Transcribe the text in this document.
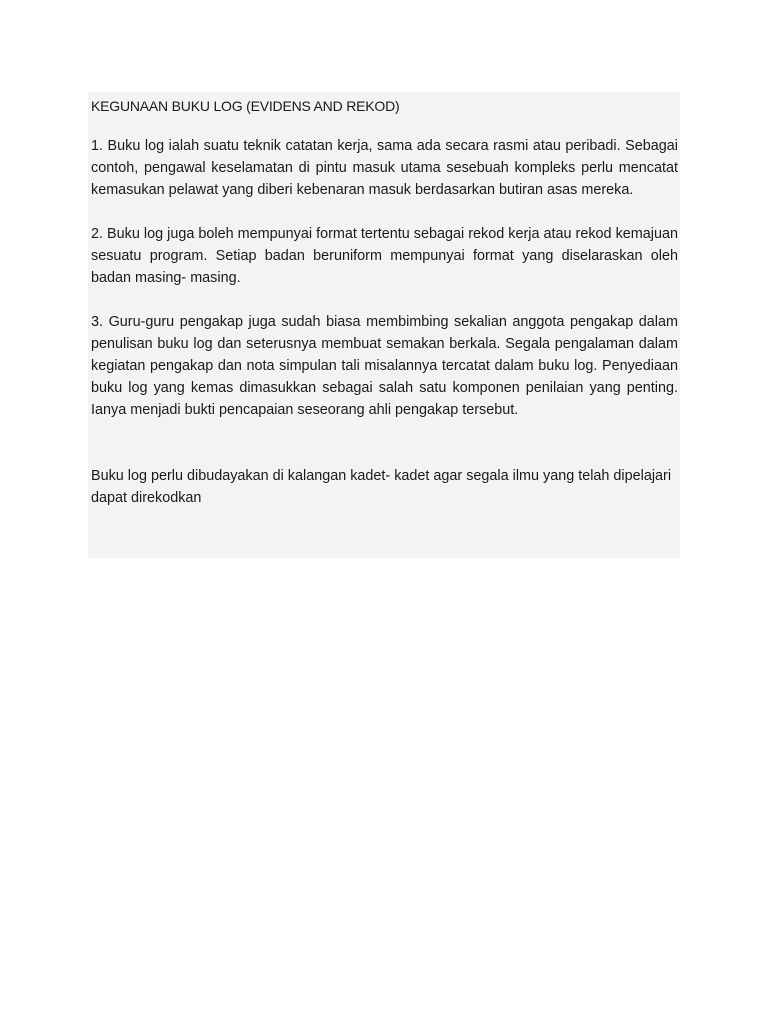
KEGUNAAN BUKU LOG (EVIDENS AND REKOD)

1. Buku log ialah suatu teknik catatan kerja, sama ada secara rasmi atau peribadi. Sebagai contoh, pengawal keselamatan di pintu masuk utama sesebuah kompleks perlu mencatat kemasukan pelawat yang diberi kebenaran masuk berdasarkan butiran asas mereka.

2. Buku log juga boleh mempunyai format tertentu sebagai rekod kerja atau rekod kemajuan sesuatu program. Setiap badan beruniform mempunyai format yang diselaraskan oleh badan masing- masing.

3. Guru-guru pengakap juga sudah biasa membimbing sekalian anggota pengakap dalam penulisan buku log dan seterusnya membuat semakan berkala. Segala pengalaman dalam kegiatan pengakap dan nota simpulan tali misalannya tercatat dalam buku log. Penyediaan buku log yang kemas dimasukkan sebagai salah satu komponen penilaian yang penting. Ianya menjadi bukti pencapaian seseorang ahli pengakap tersebut.

Buku log perlu dibudayakan di kalangan kadet- kadet agar segala ilmu yang telah dipelajari dapat direkodkan
